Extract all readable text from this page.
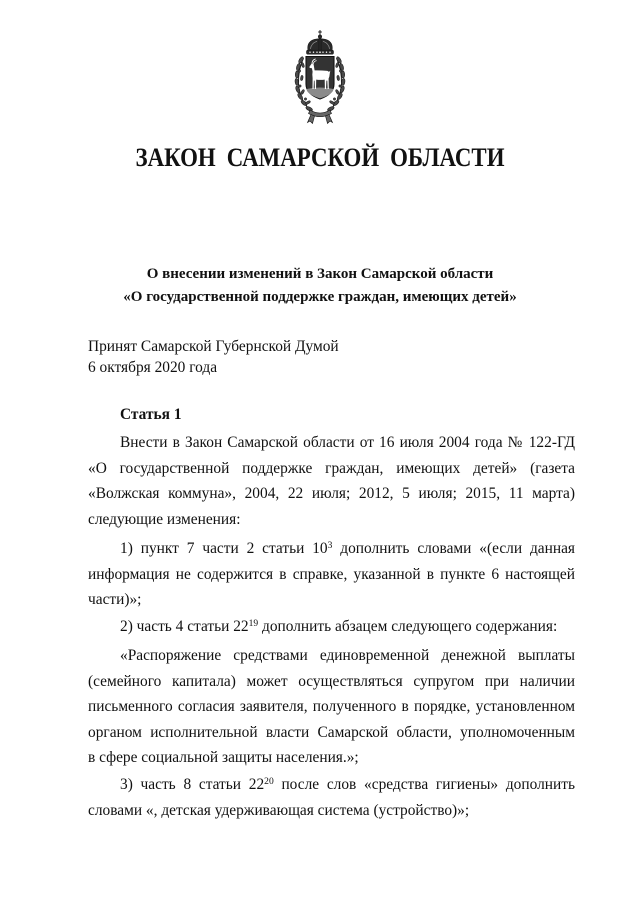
ЗАКОН САМАРСКОЙ ОБЛАСТИ
О внесении изменений в Закон Самарской области
«О государственной поддержке граждан, имеющих детей»
Принят Самарской Губернской Думой
6 октября 2020 года
Статья 1
Внести в Закон Самарской области от 16 июля 2004 года № 122-ГД
«О государственной поддержке граждан, имеющих детей» (газета
«Волжская коммуна», 2004, 22 июля; 2012, 5 июля; 2015, 11 марта)
следующие изменения:
1) пункт 7 части 2 статьи $10^3$ дополнить словами «(если данная
информация не содержится в справке, указанной в пункте 6 настоящей
части)»;
2) часть 4 статьи $22^{19}$ дополнить абзацем следующего содержания:
«Распоряжение средствами единовременной денежной выплаты
(семейного капитала) может осуществляться супругом при наличии
письменного согласия заявителя, полученного в порядке, установленном
органом исполнительной власти Самарской области, уполномоченным
в сфере социальной защиты населения.»;
3) часть 8 статьи $22^{20}$ после слов «средства гигиены» дополнить
словами «, детская удерживающая система (устройство)»;
